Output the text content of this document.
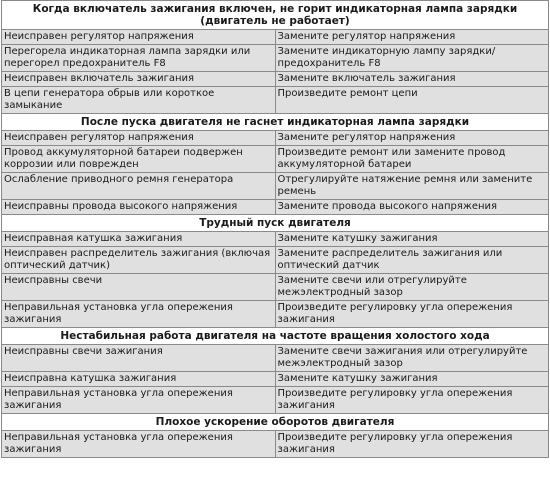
Когда включатель зажигания включен, не горит индикаторная лампа зарядки (двигатель не работает)	
Неисправен регулятор напряжения	Замените регулятор напряжения
Перегорела индикаторная лампа зарядки или перегорел предохранитель F8	Замените индикаторную лампу зарядки/ предохранитель F8
Неисправен включатель зажигания	Замените включатель зажигания
В цепи генератора обрыв или короткое замыкание	Произведите ремонт цепи
После пуска двигателя не гаснет индикаторная лампа зарядки	
Неисправен регулятор напряжения	Замените регулятор напряжения
Провод аккумуляторной батареи подвержен коррозии или поврежден	Произведите ремонт или замените провод аккумуляторной батареи
Ослабление приводного ремня генератора	Отрегулируйте натяжение ремня или замените ремень
Неисправны провода высокого напряжения	Замените провода высокого напряжения
Трудный пуск двигателя	
Неисправная катушка зажигания	Замените катушку зажигания
Неисправен распределитель зажигания (включая оптический датчик)	Замените распределитель зажигания или оптический датчик
Неисправны свечи	Замените свечи или отрегулируйте межэлектродный зазор
Неправильная установка угла опережения зажигания	Произведите регулировку угла опережения зажигания
Нестабильная работа двигателя на частоте вращения холостого хода	
Неисправны свечи зажигания	Замените свечи зажигания или отрегулируйте межэлектродный зазор
Неисправна катушка зажигания	Замените катушку зажигания
Неправильная установка угла опережения зажигания	Произведите регулировку угла опережения зажигания
Плохое ускорение оборотов двигателя	
Неправильная установка угла опережения зажигания	Произведите регулировку угла опережения зажигания
